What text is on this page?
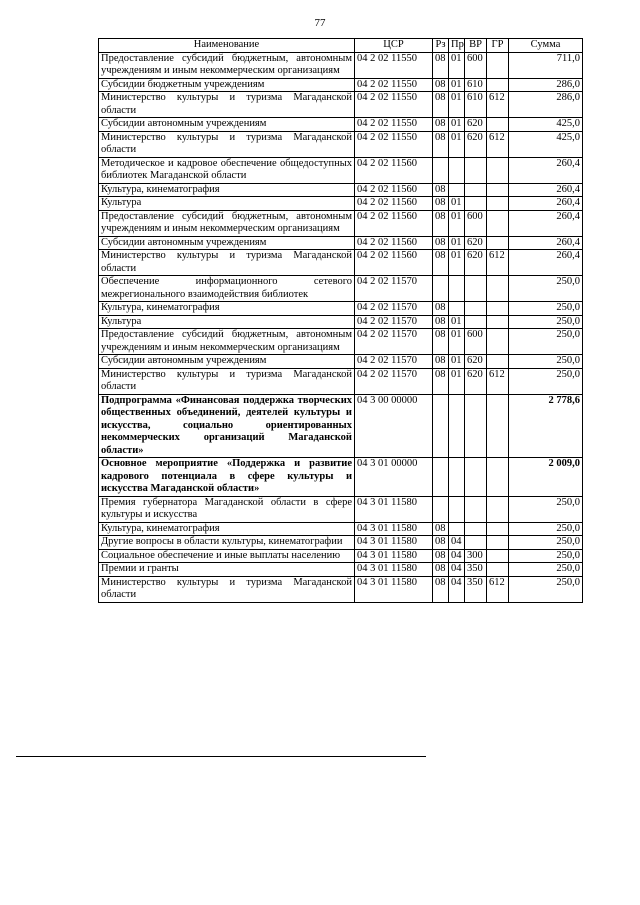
77
Наименование	ЦСР	Рз	Пр	ВР	ГР	Сумма
Предоставление субсидий бюджетным, автономным учреждениям и иным некоммерческим организациям	04 2 02 11550	08	01	600		711,0
Субсидии бюджетным учреждениям	04 2 02 11550	08	01	610		286,0
Министерство культуры и туризма Магаданской области	04 2 02 11550	08	01	610	612	286,0
Субсидии автономным учреждениям	04 2 02 11550	08	01	620		425,0
Министерство культуры и туризма Магаданской области	04 2 02 11550	08	01	620	612	425,0
Методическое и кадровое обеспечение общедоступных библиотек Магаданской области	04 2 02 11560					260,4
Культура, кинематография	04 2 02 11560	08				260,4
Культура	04 2 02 11560	08	01			260,4
Предоставление субсидий бюджетным, автономным учреждениям и иным некоммерческим организациям	04 2 02 11560	08	01	600		260,4
Субсидии автономным учреждениям	04 2 02 11560	08	01	620		260,4
Министерство культуры и туризма Магаданской области	04 2 02 11560	08	01	620	612	260,4
Обеспечение информационного сетевого межрегионального взаимодействия библиотек	04 2 02 11570					250,0
Культура, кинематография	04 2 02 11570	08				250,0
Культура	04 2 02 11570	08	01			250,0
Предоставление субсидий бюджетным, автономным учреждениям и иным некоммерческим организациям	04 2 02 11570	08	01	600		250,0
Субсидии автономным учреждениям	04 2 02 11570	08	01	620		250,0
Министерство культуры и туризма Магаданской области	04 2 02 11570	08	01	620	612	250,0
Подпрограмма «Финансовая поддержка творческих общественных объединений, деятелей культуры и искусства, социально ориентированных некоммерческих организаций Магаданской области»	04 3 00 00000					2 778,6
Основное мероприятие «Поддержка и развитие кадрового потенциала в сфере культуры и искусства Магаданской области»	04 3 01 00000					2 009,0
Премия губернатора Магаданской области в сфере культуры и искусства	04 3 01 11580					250,0
Культура, кинематография	04 3 01 11580	08				250,0
Другие вопросы в области культуры, кинематографии	04 3 01 11580	08	04			250,0
Социальное обеспечение и иные выплаты населению	04 3 01 11580	08	04	300		250,0
Премии и гранты	04 3 01 11580	08	04	350		250,0
Министерство культуры и туризма Магаданской области	04 3 01 11580	08	04	350	612	250,0
